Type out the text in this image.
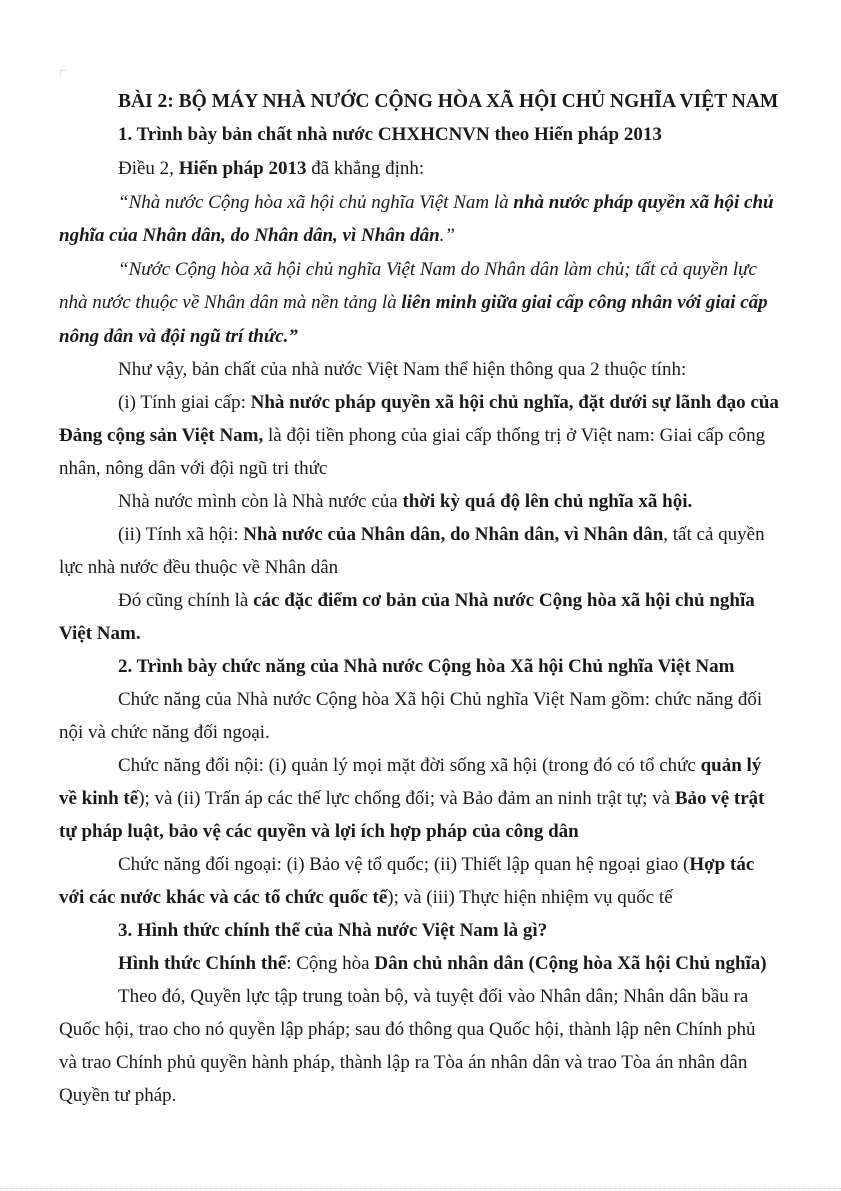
BÀI 2: BỘ MÁY NHÀ NƯỚC CỘNG HÒA XÃ HỘI CHỦ NGHĨA VIỆT NAM
1. Trình bày bản chất nhà nước CHXHCNVN theo Hiến pháp 2013
Điều 2, Hiến pháp 2013 đã khẳng định:
“Nhà nước Cộng hòa xã hội chủ nghĩa Việt Nam là nhà nước pháp quyền xã hội chủ
nghĩa của Nhân dân, do Nhân dân, vì Nhân dân.”
“Nước Cộng hòa xã hội chủ nghĩa Việt Nam do Nhân dân làm chủ; tất cả quyền lực
nhà nước thuộc về Nhân dân mà nền tảng là liên minh giữa giai cấp công nhân với giai cấp
nông dân và đội ngũ trí thức.”
Như vậy, bản chất của nhà nước Việt Nam thể hiện thông qua 2 thuộc tính:
(i) Tính giai cấp: Nhà nước pháp quyền xã hội chủ nghĩa, đặt dưới sự lãnh đạo của
Đảng cộng sản Việt Nam, là đội tiền phong của giai cấp thống trị ở Việt nam: Giai cấp công
nhân, nông dân với đội ngũ tri thức
Nhà nước mình còn là Nhà nước của thời kỳ quá độ lên chủ nghĩa xã hội.
(ii) Tính xã hội: Nhà nước của Nhân dân, do Nhân dân, vì Nhân dân, tất cả quyền
lực nhà nước đều thuộc về Nhân dân
Đó cũng chính là các đặc điểm cơ bản của Nhà nước Cộng hòa xã hội chủ nghĩa
Việt Nam.
2. Trình bày chức năng của Nhà nước Cộng hòa Xã hội Chủ nghĩa Việt Nam
Chức năng của Nhà nước Cộng hòa Xã hội Chủ nghĩa Việt Nam gồm: chức năng đối
nội và chức năng đối ngoại.
Chức năng đối nội: (i) quản lý mọi mặt đời sống xã hội (trong đó có tổ chức quản lý
về kinh tế); và (ii) Trấn áp các thế lực chống đối; và Bảo đảm an ninh trật tự; và Bảo vệ trật
tự pháp luật, bảo vệ các quyền và lợi ích hợp pháp của công dân
Chức năng đối ngoại: (i) Bảo vệ tổ quốc; (ii) Thiết lập quan hệ ngoại giao (Hợp tác
với các nước khác và các tổ chức quốc tế); và (iii) Thực hiện nhiệm vụ quốc tế
3. Hình thức chính thể của Nhà nước Việt Nam là gì?
Hình thức Chính thể: Cộng hòa Dân chủ nhân dân (Cộng hòa Xã hội Chủ nghĩa)
Theo đó, Quyền lực tập trung toàn bộ, và tuyệt đối vào Nhân dân; Nhân dân bầu ra
Quốc hội, trao cho nó quyền lập pháp; sau đó thông qua Quốc hội, thành lập nên Chính phủ
và trao Chính phủ quyền hành pháp, thành lập ra Tòa án nhân dân và trao Tòa án nhân dân
Quyền tư pháp.
